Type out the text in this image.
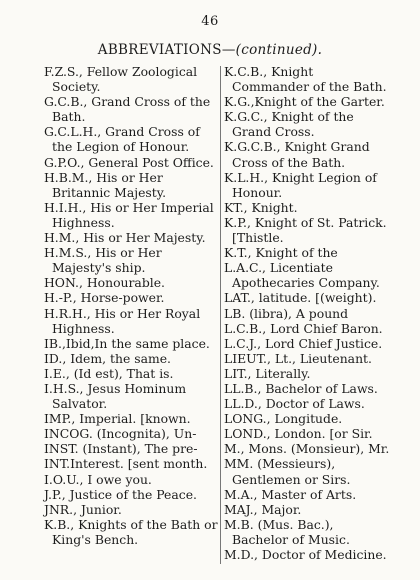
46
ABBREVIATIONS—(continued).
F.Z.S., Fellow Zoological Society.
G.C.B., Grand Cross of the Bath.
G.C.L.H., Grand Cross of the Legion of Honour.
G.P.O., General Post Office.
H.B.M., His or Her Britannic Majesty.
H.I.H., His or Her Imperial Highness.
H.M., His or Her Majesty.
H.M.S., His or Her Majesty's ship.
HON., Honourable.
H.-P., Horse-power.
H.R.H., His or Her Royal Highness.
IB.,Ibid,In the same place.
ID., Idem, the same.
I.E., (Id est), That is.
I.H.S., Jesus Hominum Salvator.
IMP., Imperial. [known.
INCOG. (Incognita), Un-
INST. (Instant), The pre-
INT.Interest. [sent month.
I.O.U., I owe you.
J.P., Justice of the Peace.
JNR., Junior.
K.B., Knights of the Bath or King's Bench.
K.C.B., Knight Commander of the Bath.
K.G.,Knight of the Garter.
K.G.C., Knight of the Grand Cross.
K.G.C.B., Knight Grand Cross of the Bath.
K.L.H., Knight Legion of Honour.
KT., Knight.
K.P., Knight of St. Patrick. [Thistle.
K.T., Knight of the
L.A.C., Licentiate Apothecaries Company.
LAT., latitude. [(weight).
LB. (libra), A pound
L.C.B., Lord Chief Baron.
L.C.J., Lord Chief Justice.
LIEUT., Lt., Lieutenant.
LIT., Literally.
LL.B., Bachelor of Laws.
LL.D., Doctor of Laws.
LONG., Longitude.
LOND., London. [or Sir.
M., Mons. (Monsieur), Mr.
MM. (Messieurs), Gentlemen or Sirs.
M.A., Master of Arts.
MAJ., Major.
M.B. (Mus. Bac.), Bachelor of Music.
M.D., Doctor of Medicine.
